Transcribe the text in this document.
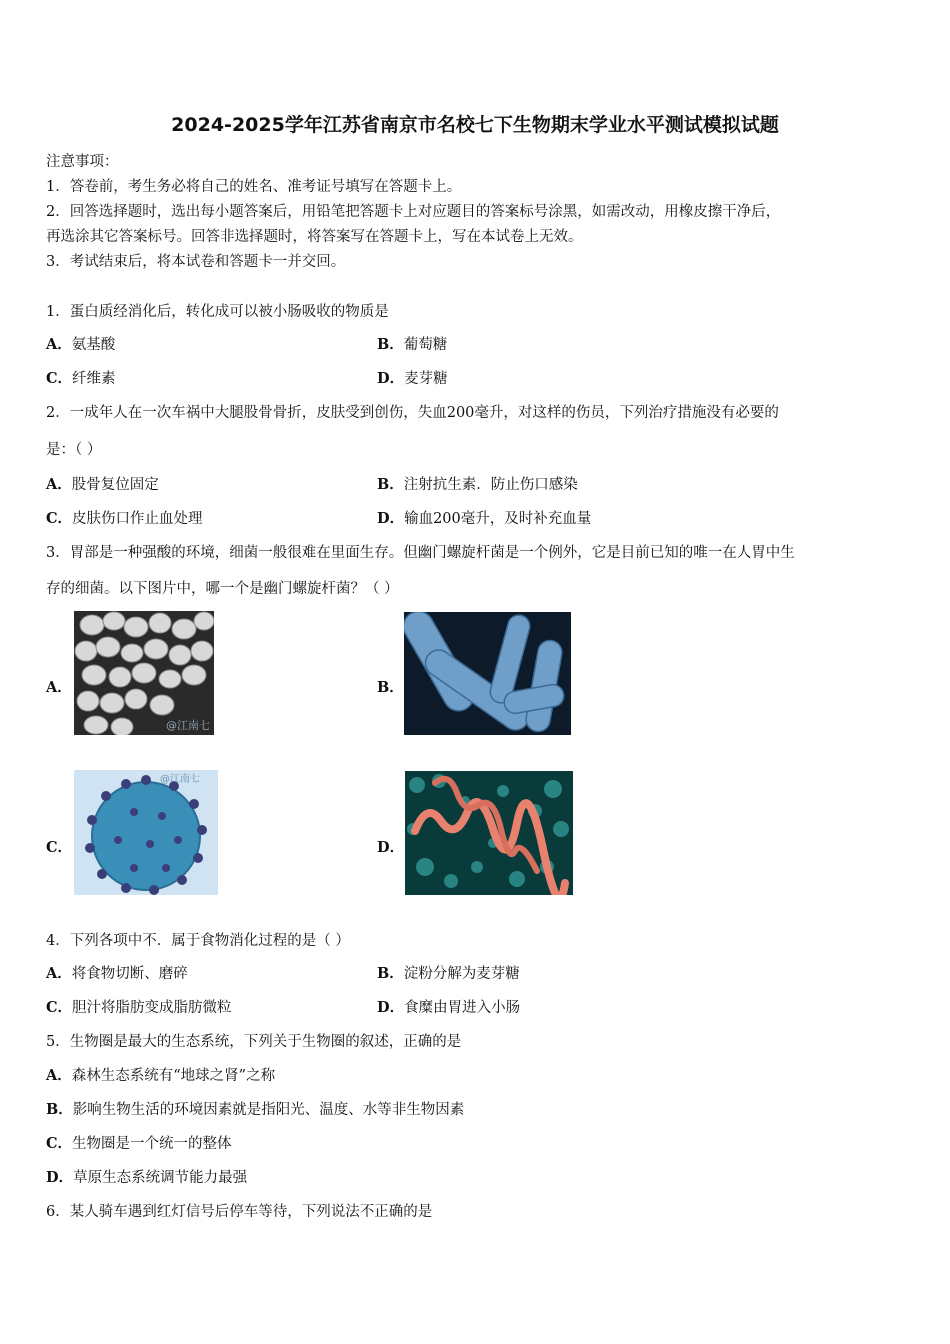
2024-2025学年江苏省南京市名校七下生物期末学业水平测试模拟试题
注意事项：
1．答卷前，考生务必将自己的姓名、准考证号填写在答题卡上。
2．回答选择题时，选出每小题答案后，用铅笔把答题卡上对应题目的答案标号涂黑，如需改动，用橡皮擦干净后，
再选涂其它答案标号。回答非选择题时，将答案写在答题卡上，写在本试卷上无效。
3．考试结束后，将本试卷和答题卡一并交回。
1．蛋白质经消化后，转化成可以被小肠吸收的物质是
A．氨基酸	B．葡萄糖
C．纤维素	D．麦芽糖
2．一成年人在一次车祸中大腿股骨骨折，皮肤受到创伤，失血200毫升，对这样的伤员，下列治疗措施没有必要的
是：（ ）
A．股骨复位固定	B．注射抗生素．防止伤口感染
C．皮肤伤口作止血处理	D．输血200毫升，及时补充血量
3．胃部是一种强酸的环境，细菌一般很难在里面生存。但幽门螺旋杆菌是一个例外，它是目前已知的唯一在人胃中生
存的细菌。以下图片中，哪一个是幽门螺旋杆菌？（ ）
A．
@江南七
B．
C．
@江南七
D．
4．下列各项中不．属于食物消化过程的是（ ）
A．将食物切断、磨碎	B．淀粉分解为麦芽糖
C．胆汁将脂肪变成脂肪微粒	D．食糜由胃进入小肠
5．生物圈是最大的生态系统，下列关于生物圈的叙述，正确的是
A．森林生态系统有“地球之肾”之称
B．影响生物生活的环境因素就是指阳光、温度、水等非生物因素
C．生物圈是一个统一的整体
D．草原生态系统调节能力最强
6．某人骑车遇到红灯信号后停车等待，下列说法不正确的是
